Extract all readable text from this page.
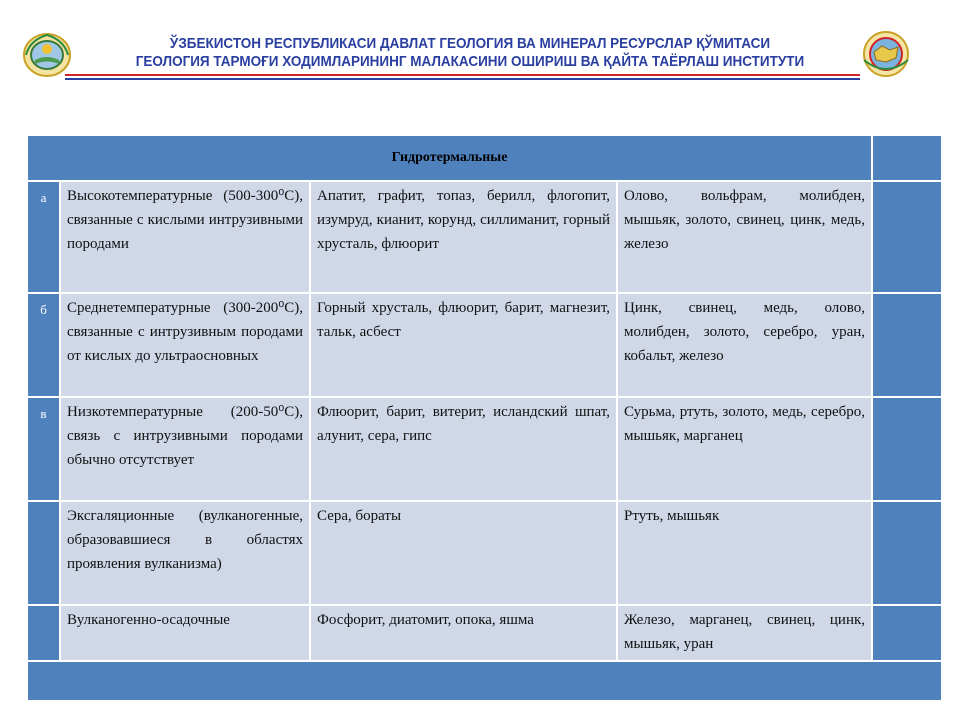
ЎЗБЕКИСТОН РЕСПУБЛИКАСИ ДАВЛАТ ГЕОЛОГИЯ ВА МИНЕРАЛ РЕСУРСЛАР ҚЎМИТАСИ
ГЕОЛОГИЯ ТАРМОҒИ ХОДИМЛАРИНИНГ МАЛАКАСИНИ ОШИРИШ ВА ҚАЙТА ТАЁРЛАШ ИНСТИТУТИ
Гидротермальные				
а	Высокотемпературные (500-300⁰С), связанные с кислыми интрузивными породами	Апатит, графит, топаз, берилл, флогопит, изумруд, кианит, корунд, силлиманит, горный хрусталь, флюорит	Олово, вольфрам, молибден, мышьяк, золото, свинец, цинк, медь, железо	
б	Среднетемпературные (300-200⁰С), связанные с интрузивным породами от кислых до ультраосновных	Горный хрусталь, флюорит, барит, магнезит, тальк, асбест	Цинк, свинец, медь, олово, молибден, золото, серебро, уран, кобальт, железо	
в	Низкотемпературные (200-50⁰С), связь с интрузивными породами обычно отсутствует	Флюорит, барит, витерит, исландский шпат, алунит, сера, гипс	Сурьма, ртуть, золото, медь, серебро, мышьяк, марганец	
	Эксгаляционные (вулканогенные, образовавшиеся в областях проявления вулканизма)	Сера, бораты	Ртуть, мышьяк	
	Вулканогенно-осадочные	Фосфорит, диатомит, опока, яшма	Железо, марганец, свинец, цинк, мышьяк, уран	
